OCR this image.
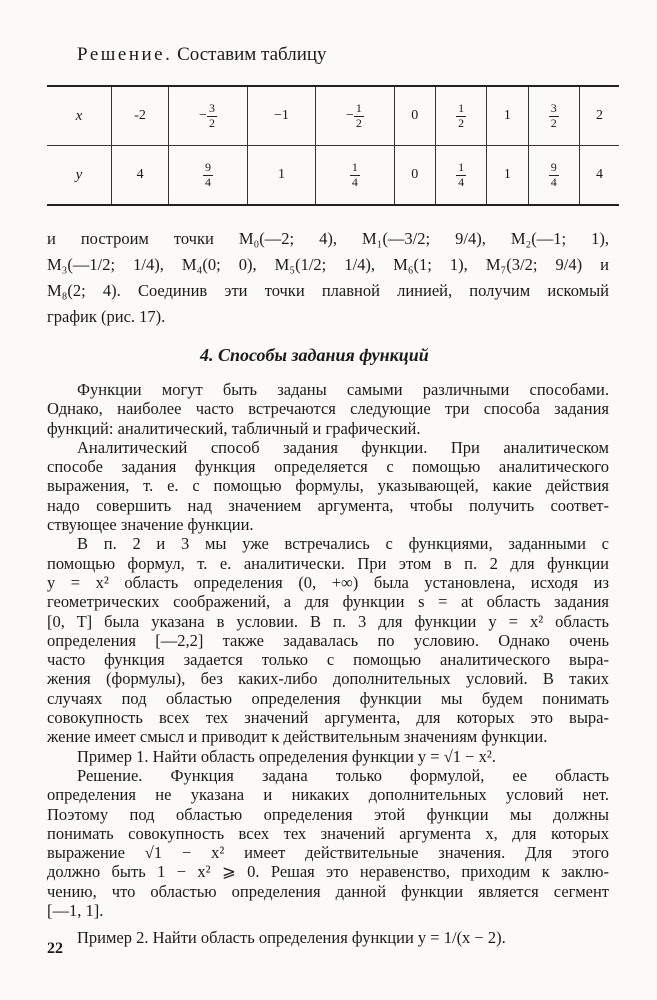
Решение. Составим таблицу
x	-2	− $\frac{3}{2}$	−1	− $\frac{1}{2}$	0	$\frac{1}{2}$	1	$\frac{3}{2}$	2
y	4	$\frac{9}{4}$	1	$\frac{1}{4}$	0	$\frac{1}{4}$	1	$\frac{9}{4}$	4
и построим точки M₀(—2; 4), M₁(—3/2; 9/4), M₂(—1; 1),
M₃(—1/2; 1/4), M₄(0; 0), M₅(1/2; 1/4), M₆(1; 1), M₇(3/2; 9/4) и
M₈(2; 4). Соединив эти точки плавной линией, получим искомый
график (рис. 17).
4. Способы задания функций
Функции могут быть заданы самыми различными способами.
Однако, наиболее часто встречаются следующие три способа задания
функций: аналитический, табличный и графический.
Аналитический способ задания функции. При аналитическом
способе задания функция определяется с помощью аналитического
выражения, т. е. с помощью формулы, указывающей, какие действия
надо совершить над значением аргумента, чтобы получить соответ-
ствующее значение функции.
В п. 2 и 3 мы уже встречались с функциями, заданными с
помощью формул, т. е. аналитически. При этом в п. 2 для функции
y = x² область определения (0, +∞) была установлена, исходя из
геометрических соображений, а для функции s = at область задания
[0, T] была указана в условии. В п. 3 для функции y = x² область
определения [—2,2] также задавалась по условию. Однако очень
часто функция задается только с помощью аналитического выра-
жения (формулы), без каких-либо дополнительных условий. В таких
случаях под областью определения функции мы будем понимать
совокупность всех тех значений аргумента, для которых это выра-
жение имеет смысл и приводит к действительным значениям функции.
Пример 1. Найти область определения функции y = √1 − x².
Решение. Функция задана только формулой, ее область
определения не указана и никаких дополнительных условий нет.
Поэтому под областью определения этой функции мы должны
понимать совокупность всех тех значений аргумента x, для которых
выражение √1 − x² имеет действительные значения. Для этого
должно быть 1 − x² ⩾ 0. Решая это неравенство, приходим к заклю-
чению, что областью определения данной функции является сегмент
[—1, 1].
Пример 2. Найти область определения функции y = 1/(x − 2).
22
